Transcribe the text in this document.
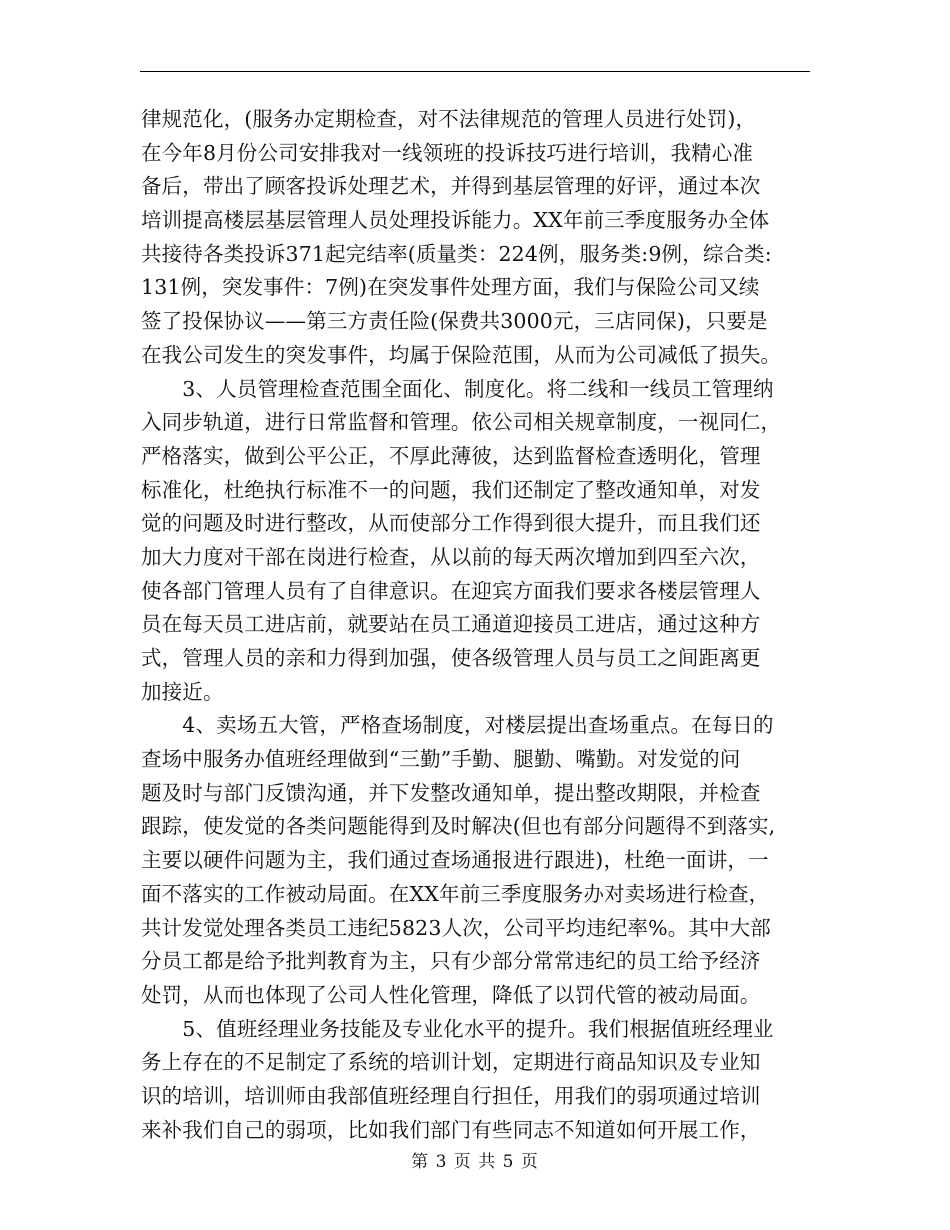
律规范化，(服务办定期检查，对不法律规范的管理人员进行处罚)，
在今年8月份公司安排我对一线领班的投诉技巧进行培训，我精心准
备后，带出了顾客投诉处理艺术，并得到基层管理的好评，通过本次
培训提高楼层基层管理人员处理投诉能力。XX年前三季度服务办全体
共接待各类投诉371起完结率(质量类：224例，服务类:9例，综合类:
131例，突发事件：7例)在突发事件处理方面，我们与保险公司又续
签了投保协议——第三方责任险(保费共3000元，三店同保)，只要是
在我公司发生的突发事件，均属于保险范围，从而为公司减低了损失。
　　3、人员管理检查范围全面化、制度化。将二线和一线员工管理纳
入同步轨道，进行日常监督和管理。依公司相关规章制度，一视同仁，
严格落实，做到公平公正，不厚此薄彼，达到监督检查透明化，管理
标准化，杜绝执行标准不一的问题，我们还制定了整改通知单，对发
觉的问题及时进行整改，从而使部分工作得到很大提升，而且我们还
加大力度对干部在岗进行检查，从以前的每天两次增加到四至六次，
使各部门管理人员有了自律意识。在迎宾方面我们要求各楼层管理人
员在每天员工进店前，就要站在员工通道迎接员工进店，通过这种方
式，管理人员的亲和力得到加强，使各级管理人员与员工之间距离更
加接近。
　　4、卖场五大管，严格查场制度，对楼层提出查场重点。在每日的
查场中服务办值班经理做到“三勤”手勤、腿勤、嘴勤。对发觉的问
题及时与部门反馈沟通，并下发整改通知单，提出整改期限，并检查
跟踪，使发觉的各类问题能得到及时解决(但也有部分问题得不到落实,
主要以硬件问题为主，我们通过查场通报进行跟进)，杜绝一面讲，一
面不落实的工作被动局面。在XX年前三季度服务办对卖场进行检查，
共计发觉处理各类员工违纪5823人次，公司平均违纪率%。其中大部
分员工都是给予批判教育为主，只有少部分常常违纪的员工给予经济
处罚，从而也体现了公司人性化管理，降低了以罚代管的被动局面。
　　5、值班经理业务技能及专业化水平的提升。我们根据值班经理业
务上存在的不足制定了系统的培训计划，定期进行商品知识及专业知
识的培训，培训师由我部值班经理自行担任，用我们的弱项通过培训
来补我们自己的弱项，比如我们部门有些同志不知道如何开展工作，
第 3 页 共 5 页
